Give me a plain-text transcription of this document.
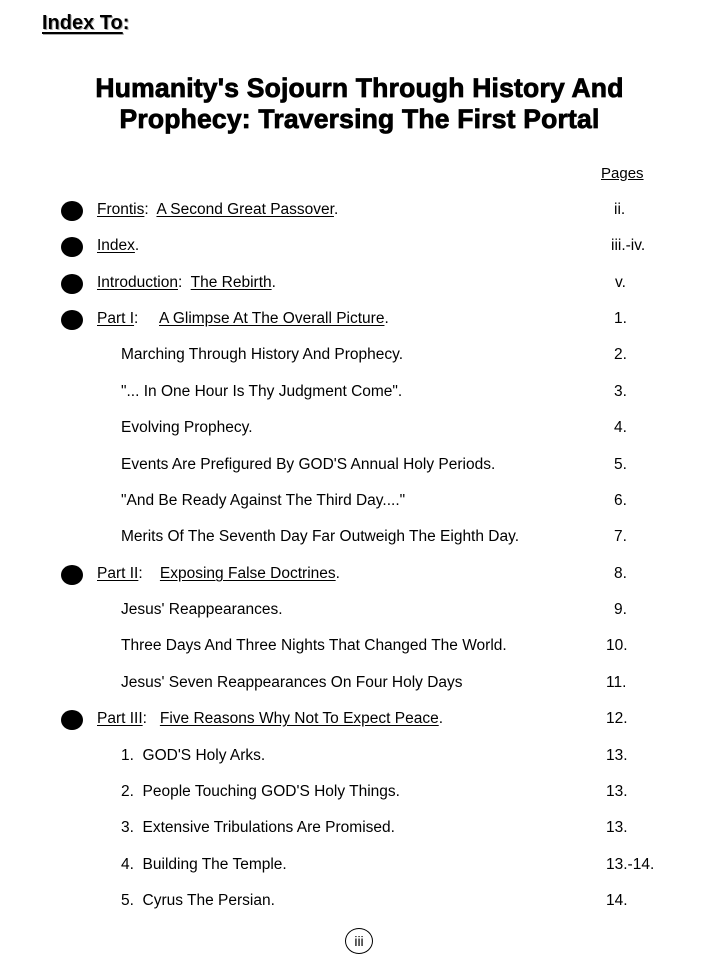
Index To:
Humanity's Sojourn Through History And
Prophecy: Traversing The First Portal
Pages
Frontis:  A Second Great Passover.	ii.
Index.	iii.-iv.
Introduction:  The Rebirth.	v.
Part I:     A Glimpse At The Overall Picture.	1.
Marching Through History And Prophecy.	2.
"... In One Hour Is Thy Judgment Come".	3.
Evolving Prophecy.	4.
Events Are Prefigured By GOD'S Annual Holy Periods.	5.
"And Be Ready Against The Third Day...."	6.
Merits Of The Seventh Day Far Outweigh The Eighth Day.	7.
Part II:    Exposing False Doctrines.	8.
Jesus' Reappearances.	9.
Three Days And Three Nights That Changed The World.	10.
Jesus' Seven Reappearances On Four Holy Days	11.
Part III:   Five Reasons Why Not To Expect Peace.	12.
1.  GOD'S Holy Arks.	13.
2.  People Touching GOD'S Holy Things.	13.
3.  Extensive Tribulations Are Promised.	13.
4.  Building The Temple.	13.-14.
5.  Cyrus The Persian.	14.
iii
